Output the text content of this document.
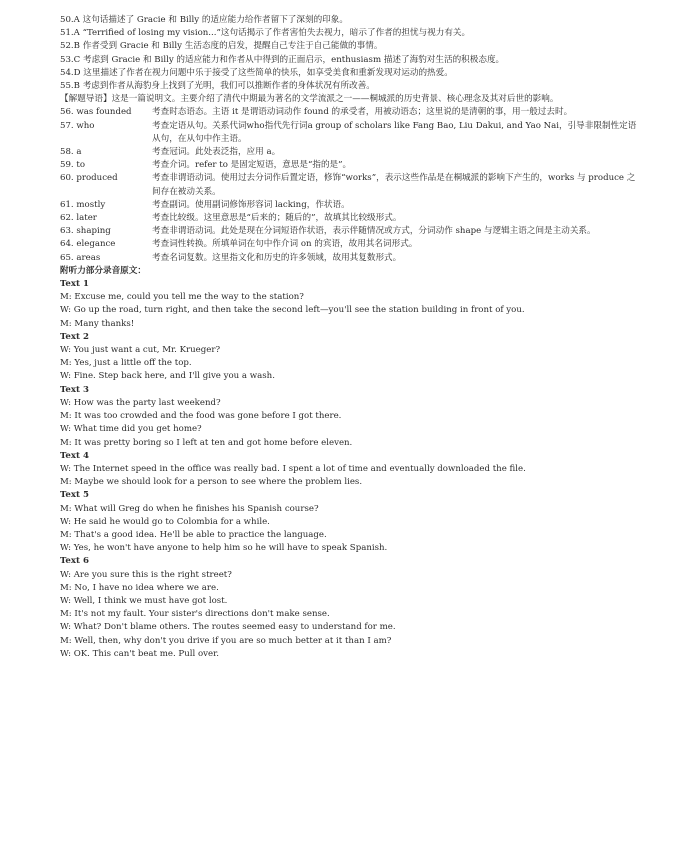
50.A 这句话描述了 Gracie 和 Billy 的适应能力给作者留下了深刻的印象。
51.A “Terrified of losing my vision...”这句话揭示了作者害怕失去视力，暗示了作者的担忧与视力有关。
52.B 作者受到 Gracie 和 Billy 生活态度的启发，提醒自己专注于自己能做的事情。
53.C 考虑到 Gracie 和 Billy 的适应能力和作者从中得到的正面启示，enthusiasm 描述了海豹对生活的积极态度。
54.D 这里描述了作者在视力问题中乐于接受了这些简单的快乐，如享受美食和重新发现对运动的热爱。
55.B 考虑到作者从海豹身上找到了光明，我们可以推断作者的身体状况有所改善。
【解题导语】这是一篇说明文。主要介绍了清代中期最为著名的文学流派之一——桐城派的历史背景、核心理念及其对后世的影响。
56. was founded	考查时态语态。主语 it 是谓语动词动作 found 的承受者，用被动语态；这里说的是清朝的事，用一般过去时。
57. who	考查定语从句。关系代词who指代先行词a group of scholars like Fang Bao, Liu Dakui, and Yao Nai，引导非限制性定语从句，在从句中作主语。
58. a	考查冠词。此处表泛指，应用 a。
59. to	考查介词。refer to 是固定短语，意思是“指的是”。
60. produced	考查非谓语动词。使用过去分词作后置定语，修饰“works”，表示这些作品是在桐城派的影响下产生的，works 与 produce 之间存在被动关系。
61. mostly	考查副词。使用副词修饰形容词 lacking，作状语。
62. later	考查比较级。这里意思是“后来的；随后的”，故填其比较级形式。
63. shaping	考查非谓语动词。此处是现在分词短语作状语，表示伴随情况或方式，分词动作 shape 与逻辑主语之间是主动关系。
64. elegance	考查词性转换。所填单词在句中作介词 on 的宾语，故用其名词形式。
65. areas	考查名词复数。这里指文化和历史的许多领域，故用其复数形式。
附听力部分录音原文：
Text 1
M: Excuse me, could you tell me the way to the station?
W: Go up the road, turn right, and then take the second left—you'll see the station building in front of you.
M: Many thanks!
Text 2
W: You just want a cut, Mr. Krueger?
M: Yes, just a little off the top.
W: Fine. Step back here, and I'll give you a wash.
Text 3
W: How was the party last weekend?
M: It was too crowded and the food was gone before I got there.
W: What time did you get home?
M: It was pretty boring so I left at ten and got home before eleven.
Text 4
W: The Internet speed in the office was really bad. I spent a lot of time and eventually downloaded the file.
M: Maybe we should look for a person to see where the problem lies.
Text 5
M: What will Greg do when he finishes his Spanish course?
W: He said he would go to Colombia for a while.
M: That's a good idea. He'll be able to practice the language.
W: Yes, he won't have anyone to help him so he will have to speak Spanish.
Text 6
W: Are you sure this is the right street?
M: No, I have no idea where we are.
W: Well, I think we must have got lost.
M: It's not my fault. Your sister's directions don't make sense.
W: What? Don't blame others. The routes seemed easy to understand for me.
M: Well, then, why don't you drive if you are so much better at it than I am?
W: OK. This can't beat me. Pull over.
